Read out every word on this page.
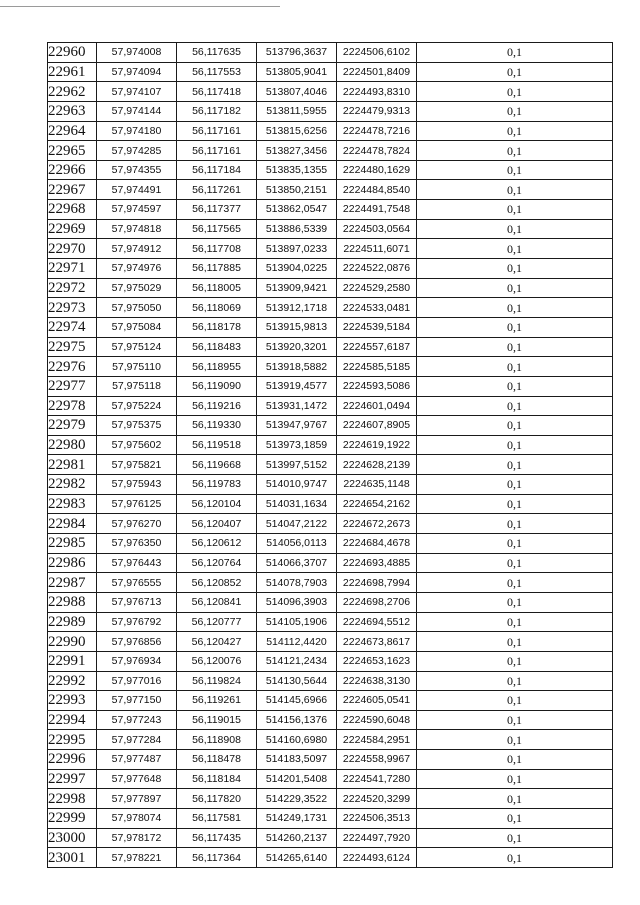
22960	57,974008	56,117635	513796,3637	2224506,6102	0,1
22961	57,974094	56,117553	513805,9041	2224501,8409	0,1
22962	57,974107	56,117418	513807,4046	2224493,8310	0,1
22963	57,974144	56,117182	513811,5955	2224479,9313	0,1
22964	57,974180	56,117161	513815,6256	2224478,7216	0,1
22965	57,974285	56,117161	513827,3456	2224478,7824	0,1
22966	57,974355	56,117184	513835,1355	2224480,1629	0,1
22967	57,974491	56,117261	513850,2151	2224484,8540	0,1
22968	57,974597	56,117377	513862,0547	2224491,7548	0,1
22969	57,974818	56,117565	513886,5339	2224503,0564	0,1
22970	57,974912	56,117708	513897,0233	2224511,6071	0,1
22971	57,974976	56,117885	513904,0225	2224522,0876	0,1
22972	57,975029	56,118005	513909,9421	2224529,2580	0,1
22973	57,975050	56,118069	513912,1718	2224533,0481	0,1
22974	57,975084	56,118178	513915,9813	2224539,5184	0,1
22975	57,975124	56,118483	513920,3201	2224557,6187	0,1
22976	57,975110	56,118955	513918,5882	2224585,5185	0,1
22977	57,975118	56,119090	513919,4577	2224593,5086	0,1
22978	57,975224	56,119216	513931,1472	2224601,0494	0,1
22979	57,975375	56,119330	513947,9767	2224607,8905	0,1
22980	57,975602	56,119518	513973,1859	2224619,1922	0,1
22981	57,975821	56,119668	513997,5152	2224628,2139	0,1
22982	57,975943	56,119783	514010,9747	2224635,1148	0,1
22983	57,976125	56,120104	514031,1634	2224654,2162	0,1
22984	57,976270	56,120407	514047,2122	2224672,2673	0,1
22985	57,976350	56,120612	514056,0113	2224684,4678	0,1
22986	57,976443	56,120764	514066,3707	2224693,4885	0,1
22987	57,976555	56,120852	514078,7903	2224698,7994	0,1
22988	57,976713	56,120841	514096,3903	2224698,2706	0,1
22989	57,976792	56,120777	514105,1906	2224694,5512	0,1
22990	57,976856	56,120427	514112,4420	2224673,8617	0,1
22991	57,976934	56,120076	514121,2434	2224653,1623	0,1
22992	57,977016	56,119824	514130,5644	2224638,3130	0,1
22993	57,977150	56,119261	514145,6966	2224605,0541	0,1
22994	57,977243	56,119015	514156,1376	2224590,6048	0,1
22995	57,977284	56,118908	514160,6980	2224584,2951	0,1
22996	57,977487	56,118478	514183,5097	2224558,9967	0,1
22997	57,977648	56,118184	514201,5408	2224541,7280	0,1
22998	57,977897	56,117820	514229,3522	2224520,3299	0,1
22999	57,978074	56,117581	514249,1731	2224506,3513	0,1
23000	57,978172	56,117435	514260,2137	2224497,7920	0,1
23001	57,978221	56,117364	514265,6140	2224493,6124	0,1
